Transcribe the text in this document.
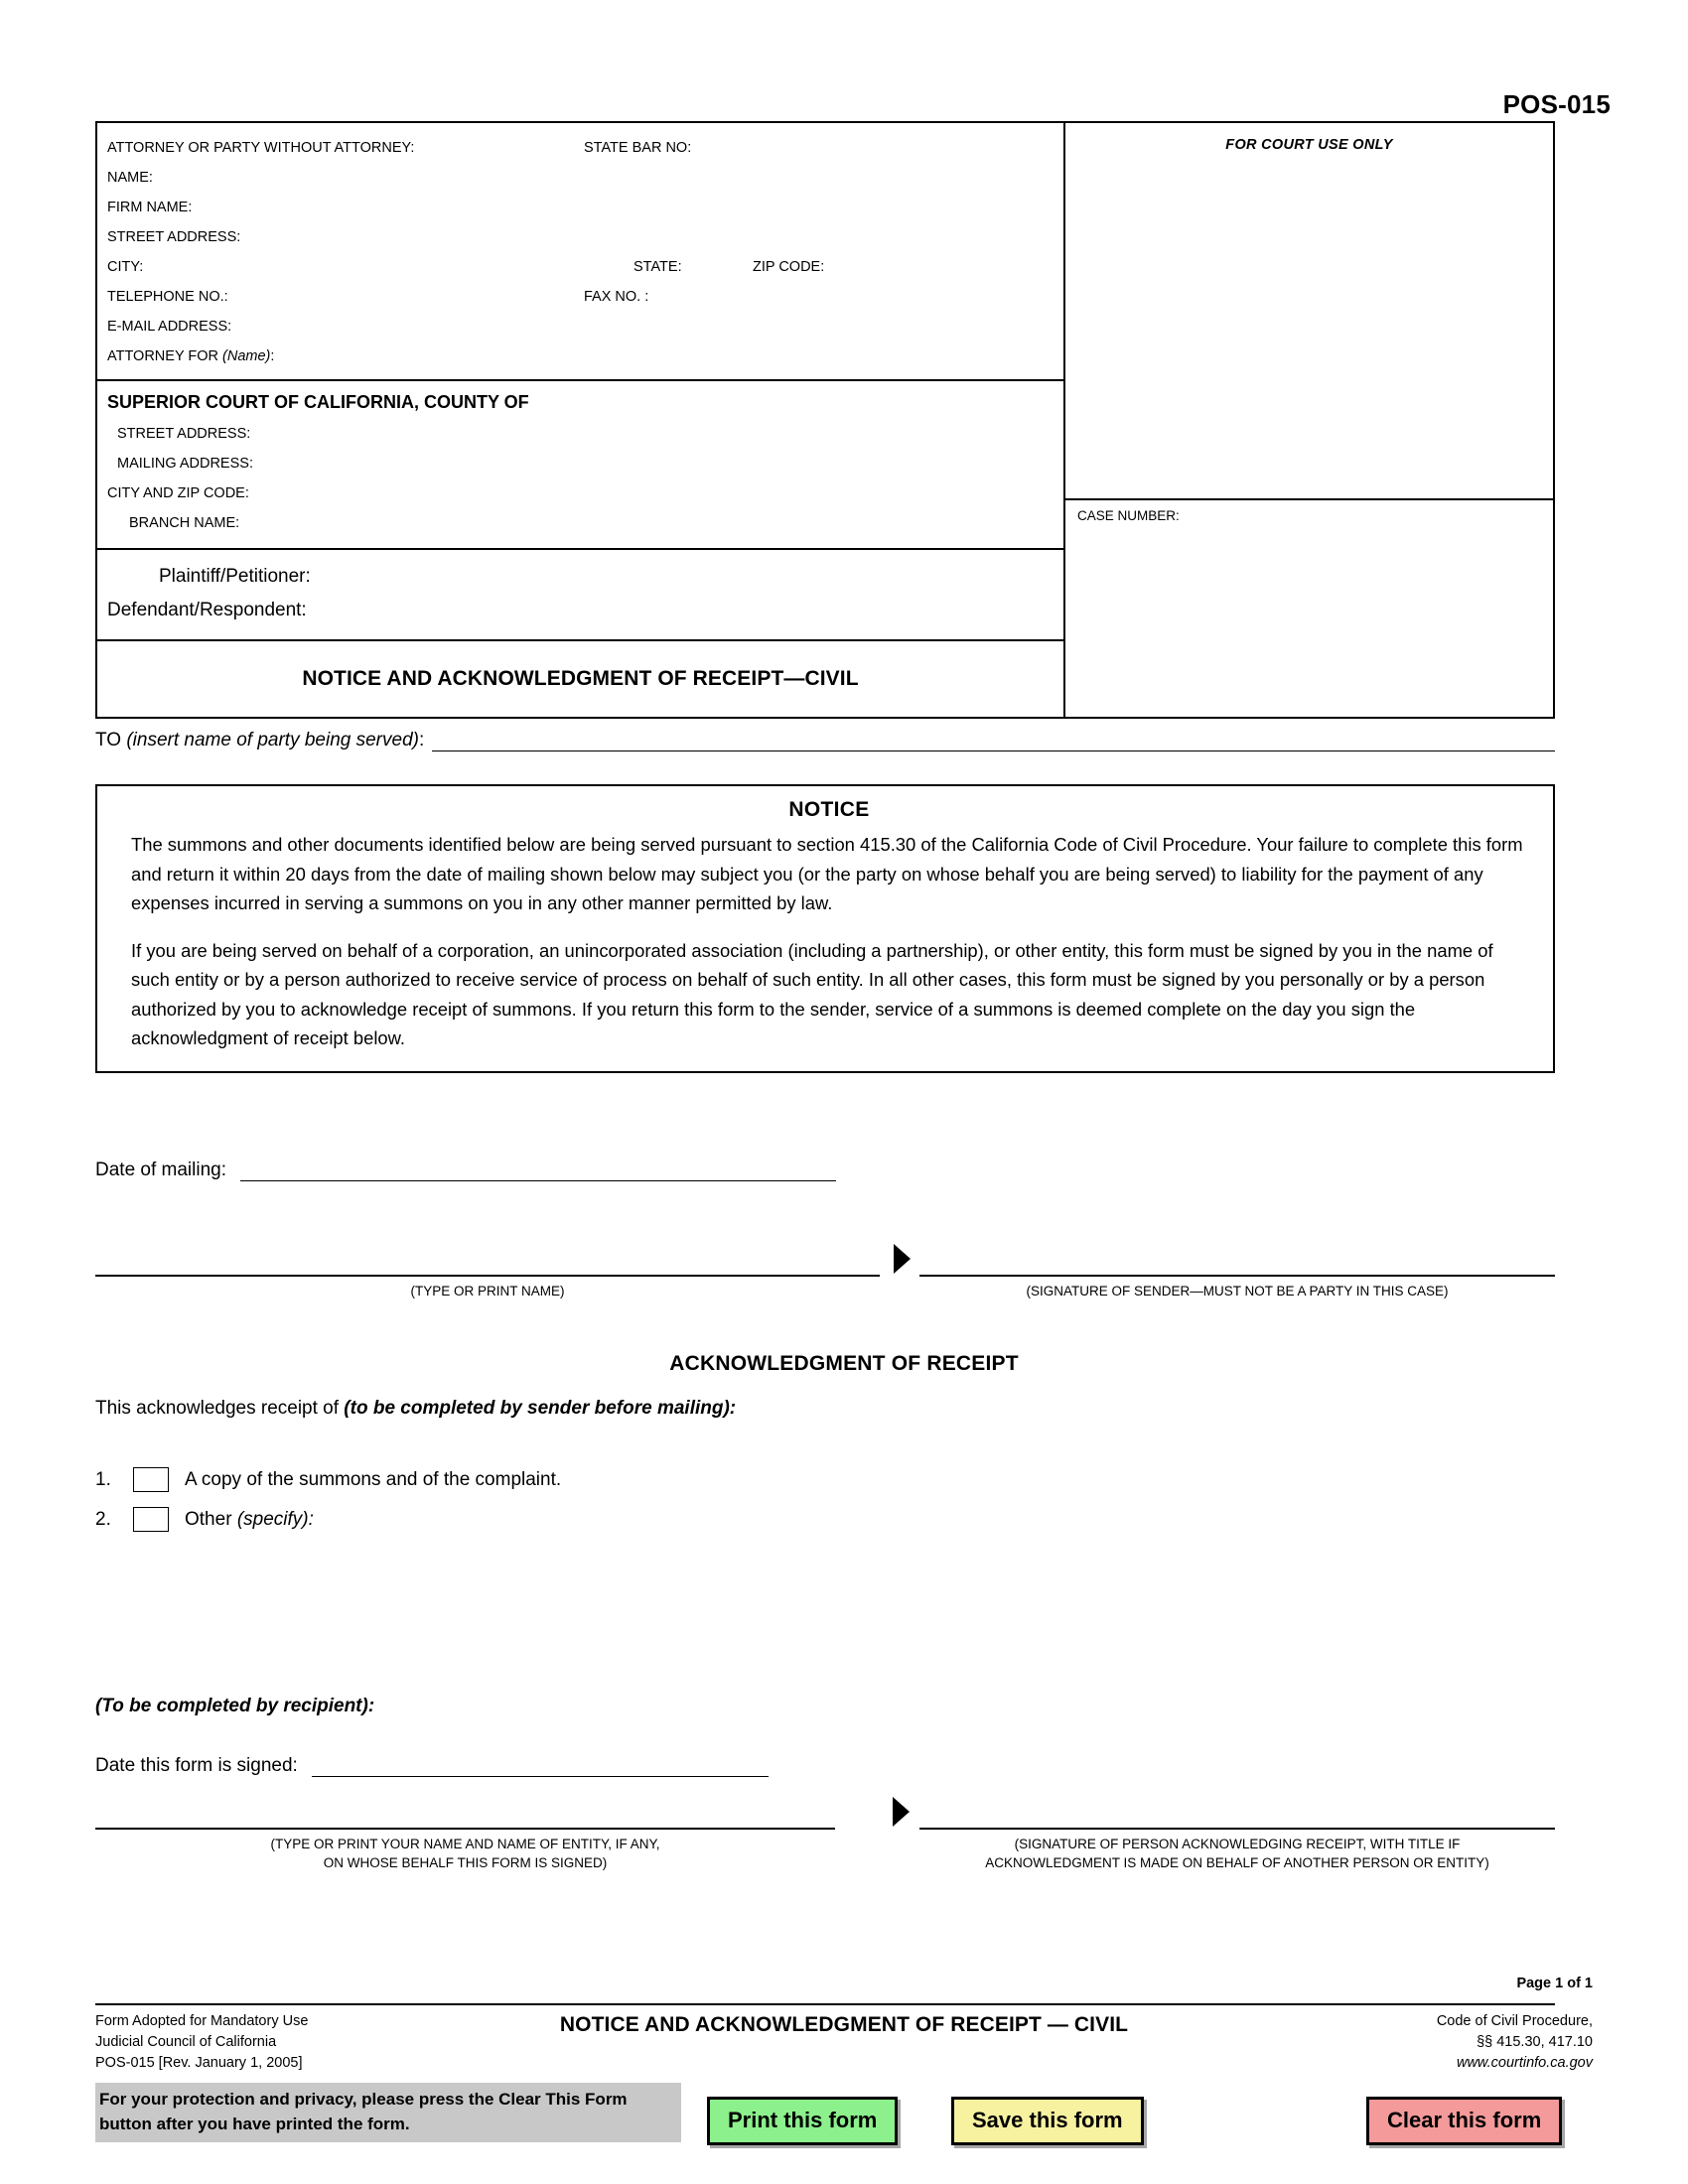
POS-015
ATTORNEY OR PARTY WITHOUT ATTORNEY:	STATE BAR NO:
NAME:
FIRM NAME:
STREET ADDRESS:
CITY:	STATE:	ZIP CODE:
TELEPHONE NO.:	FAX NO. :
E-MAIL ADDRESS:
ATTORNEY FOR (Name):
SUPERIOR COURT OF CALIFORNIA, COUNTY OF
STREET ADDRESS:
MAILING ADDRESS:
CITY AND ZIP CODE:
BRANCH NAME:
Plaintiff/Petitioner:
Defendant/Respondent:
NOTICE AND ACKNOWLEDGMENT OF RECEIPT—CIVIL
FOR COURT USE ONLY
CASE NUMBER:
TO (insert name of party being served):
NOTICE

The summons and other documents identified below are being served pursuant to section 415.30 of the California Code of Civil Procedure. Your failure to complete this form and return it within 20 days from the date of mailing shown below may subject you (or the party on whose behalf you are being served) to liability for the payment of any expenses incurred in serving a summons on you in any other manner permitted by law.

If you are being served on behalf of a corporation, an unincorporated association (including a partnership), or other entity, this form must be signed by you in the name of such entity or by a person authorized to receive service of process on behalf of such entity. In all other cases, this form must be signed by you personally or by a person authorized by you to acknowledge receipt of summons. If you return this form to the sender, service of a summons is deemed complete on the day you sign the acknowledgment of receipt below.

Date of mailing:
(TYPE OR PRINT NAME)	(SIGNATURE OF SENDER—MUST NOT BE A PARTY IN THIS CASE)
ACKNOWLEDGMENT OF RECEIPT
This acknowledges receipt of (to be completed by sender before mailing):
1.	A copy of the summons and of the complaint.
2.	Other (specify):
(To be completed by recipient):
Date this form is signed:
(TYPE OR PRINT YOUR NAME AND NAME OF ENTITY, IF ANY,
ON WHOSE BEHALF THIS FORM IS SIGNED)
(SIGNATURE OF PERSON ACKNOWLEDGING RECEIPT, WITH TITLE IF
ACKNOWLEDGMENT IS MADE ON BEHALF OF ANOTHER PERSON OR ENTITY)
Page 1 of 1
Form Adopted for Mandatory Use
Judicial Council of California
POS-015 [Rev. January 1, 2005]
NOTICE AND ACKNOWLEDGMENT OF RECEIPT — CIVIL	Code of Civil Procedure,
§§ 415.30, 417.10
www.courtinfo.ca.gov
For your protection and privacy, please press the Clear This Form button after you have printed the form.	Print this form	Save this form	Clear this form
